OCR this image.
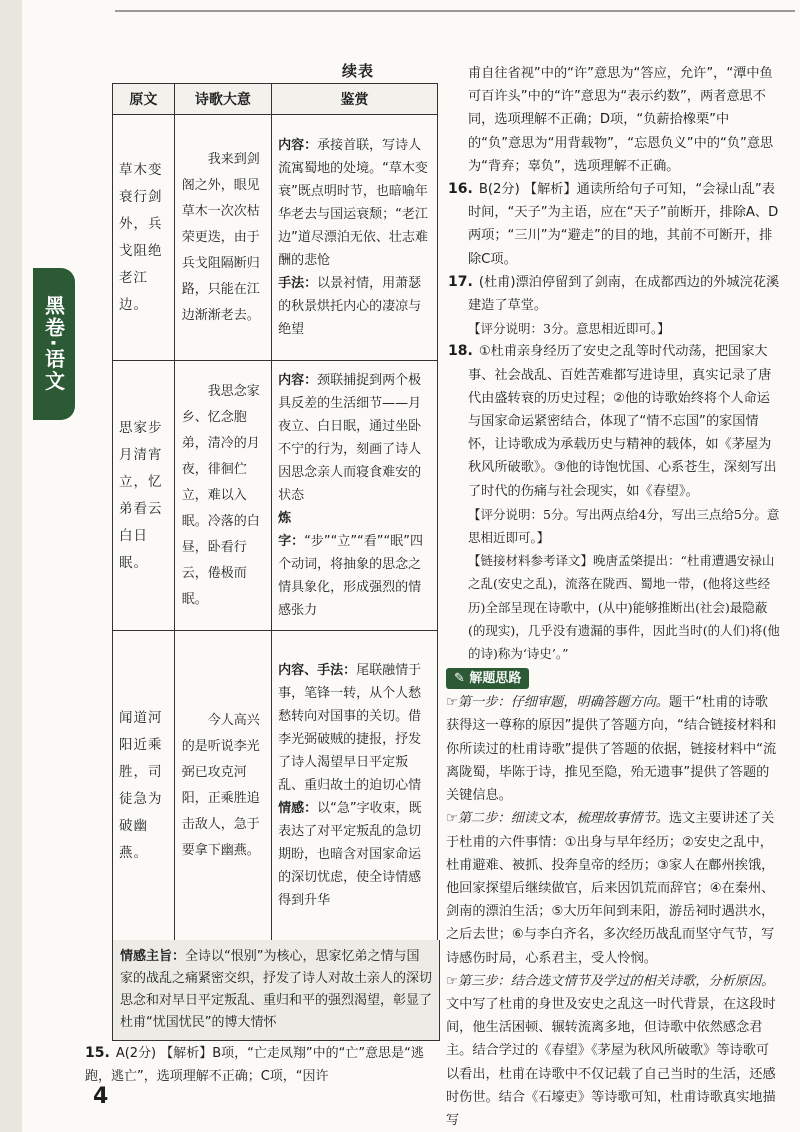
黑卷·语文
续表
原文	诗歌大意	鉴赏
草木变衰行剑外，兵戈阻绝老江边。	我来到剑阁之外，眼见草木一次次枯荣更迭，由于兵戈阻隔断归路，只能在江边渐渐老去。	内容：承接首联，写诗人流寓蜀地的处境。“草木变衰”既点明时节，也暗喻年华老去与国运衰颓；“老江边”道尽漂泊无依、壮志难酬的悲怆
手法：以景衬情，用萧瑟的秋景烘托内心的凄凉与绝望
思家步月清宵立，忆弟看云白日眠。	我思念家乡、忆念胞弟，清冷的月夜，徘徊伫立，难以入眠。冷落的白昼，卧看行云，倦极而眠。	内容：颈联捕捉到两个极具反差的生活细节——月夜立、白日眠，通过坐卧不宁的行为，刻画了诗人因思念亲人而寝食难安的状态
炼字：“步”“立”“看”“眠”四个动词，将抽象的思念之情具象化，形成强烈的情感张力
闻道河阳近乘胜，司徒急为破幽燕。	今人高兴的是听说李光弼已攻克河阳，正乘胜追击敌人，急于要拿下幽燕。	内容、手法：尾联融情于事，笔锋一转，从个人愁愁转向对国事的关切。借李光弼破贼的捷报，抒发了诗人渴望早日平定叛乱、重归故土的迫切心情
情感：以“急”字收束，既表达了对平定叛乱的急切期盼，也暗含对国家命运的深切忧虑，使全诗情感得到升华
情感主旨：全诗以“恨别”为核心，思家忆弟之情与国家的战乱之痛紧密交织，抒发了诗人对故土亲人的深切思念和对早日平定叛乱、重归和平的强烈渴望，彰显了杜甫“忧国忧民”的博大情怀
15. A(2分) 【解析】B项，“亡走凤翔”中的“亡”意思是“逃跑，逃亡”，选项理解不正确；C项，“因许

甫自往省视”中的“许”意思为“答应，允许”，“潭中鱼可百许头”中的“许”意思为“表示约数”，两者意思不同，选项理解不正确；D项，“负薪拾橡栗”中的“负”意思为“用背载物”，“忘恩负义”中的“负”意思为“背弃；辜负”，选项理解不正确。

16. B(2分) 【解析】通读所给句子可知，“会禄山乱”表时间，“天子”为主语，应在“天子”前断开，排除A、D两项；“三川”为“避走”的目的地，其前不可断开，排除C项。

17. (杜甫)漂泊停留到了剑南，在成都西边的外城浣花溪建造了草堂。

【评分说明：3分。意思相近即可。】

18. ①杜甫亲身经历了安史之乱等时代动荡，把国家大事、社会战乱、百姓苦难都写进诗里，真实记录了唐代由盛转衰的历史过程；②他的诗歌始终将个人命运与国家命运紧密结合，体现了“情不忘国”的家国情怀，让诗歌成为承载历史与精神的载体，如《茅屋为秋风所破歌》。③他的诗饱忧国、心系苍生，深刻写出了时代的伤痛与社会现实，如《春望》。

【评分说明：5分。写出两点给4分，写出三点给5分。意思相近即可。】

【链接材料参考译文】晚唐孟棨提出：“杜甫遭遇安禄山之乱(安史之乱)，流落在陇西、蜀地一带，(他将这些经历)全部呈现在诗歌中，(从中)能够推断出(社会)最隐蔽(的现实)，几乎没有遗漏的事件，因此当时(的人们)将(他的诗)称为‘诗史’。”

✎ 解题思路

☞第一步：仔细审题，明确答题方向。题干“杜甫的诗歌获得这一尊称的原因”提供了答题方向，“结合链接材料和你所读过的杜甫诗歌”提供了答题的依据，链接材料中“流离陇蜀，毕陈于诗，推见至隐，殆无遗事”提供了答题的关键信息。

☞第二步：细读文本，梳理故事情节。选文主要讲述了关于杜甫的六件事情：①出身与早年经历；②安史之乱中，杜甫避难、被抓、投奔皇帝的经历；③家人在鄜州挨饿，他回家探望后继续做官，后来因饥荒而辞官；④在秦州、剑南的漂泊生活；⑤大历年间到耒阳，游岳祠时遇洪水，之后去世；⑥与李白齐名，多次经历战乱而坚守气节，写诗感伤时局，心系君主，受人怜悯。

☞第三步：结合选文情节及学过的相关诗歌，分析原因。文中写了杜甫的身世及安史之乱这一时代背景，在这段时间，他生活困顿、辗转流离多地，但诗歌中依然感念君主。结合学过的《春望》《茅屋为秋风所破歌》等诗歌可以看出，杜甫在诗歌中不仅记载了自己当时的生活，还感时伤世。结合《石壕吏》等诗歌可知，杜甫诗歌真实地描写

4
